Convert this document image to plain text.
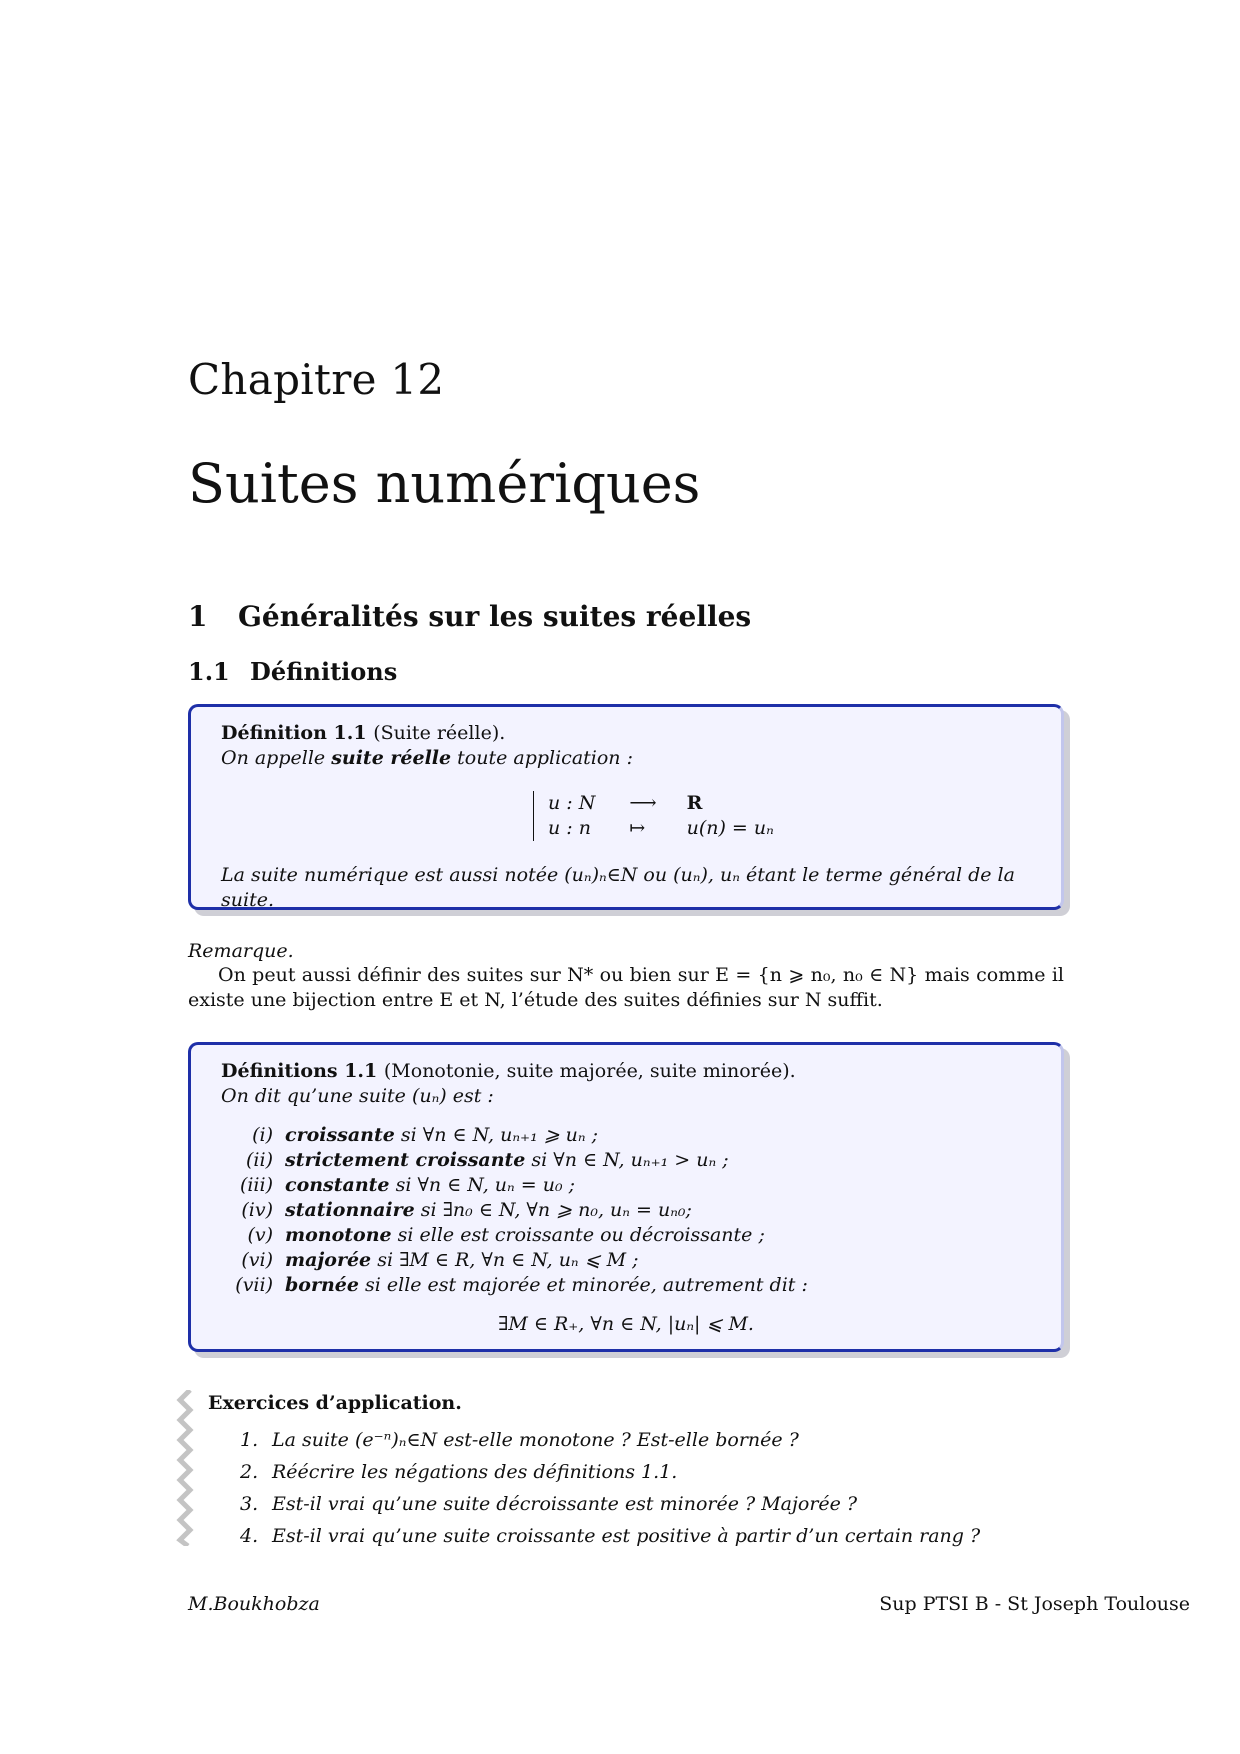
Chapitre 12
Suites numériques
1 Généralités sur les suites réelles
1.1 Définitions
Définition 1.1 (Suite réelle).
On appelle suite réelle toute application :
u : N	⟶	R
u : n	↦	u(n) = uₙ
La suite numérique est aussi notée (uₙ)ₙ∈N ou (uₙ), uₙ étant le terme général de la suite.
Remarque.
On peut aussi définir des suites sur N* ou bien sur E = {n ⩾ n₀, n₀ ∈ N} mais comme il existe une bijection entre E et N, l’étude des suites définies sur N suffit.
Définitions 1.1 (Monotonie, suite majorée, suite minorée).
On dit qu’une suite (uₙ) est :
(i) croissante si ∀n ∈ N, uₙ₊₁ ⩾ uₙ ;
(ii) strictement croissante si ∀n ∈ N, uₙ₊₁ > uₙ ;
(iii) constante si ∀n ∈ N, uₙ = u₀ ;
(iv) stationnaire si ∃n₀ ∈ N, ∀n ⩾ n₀, uₙ = uₙ₀;
(v) monotone si elle est croissante ou décroissante ;
(vi) majorée si ∃M ∈ R, ∀n ∈ N, uₙ ⩽ M ;
(vii) bornée si elle est majorée et minorée, autrement dit :
∃M ∈ R₊, ∀n ∈ N, |uₙ| ⩽ M.
Exercices d’application.
1. La suite (e⁻ⁿ)ₙ∈N est-elle monotone ? Est-elle bornée ?
2. Réécrire les négations des définitions 1.1.
3. Est-il vrai qu’une suite décroissante est minorée ? Majorée ?
4. Est-il vrai qu’une suite croissante est positive à partir d’un certain rang ?
M.Boukhobza	Sup PTSI B - St Joseph Toulouse
